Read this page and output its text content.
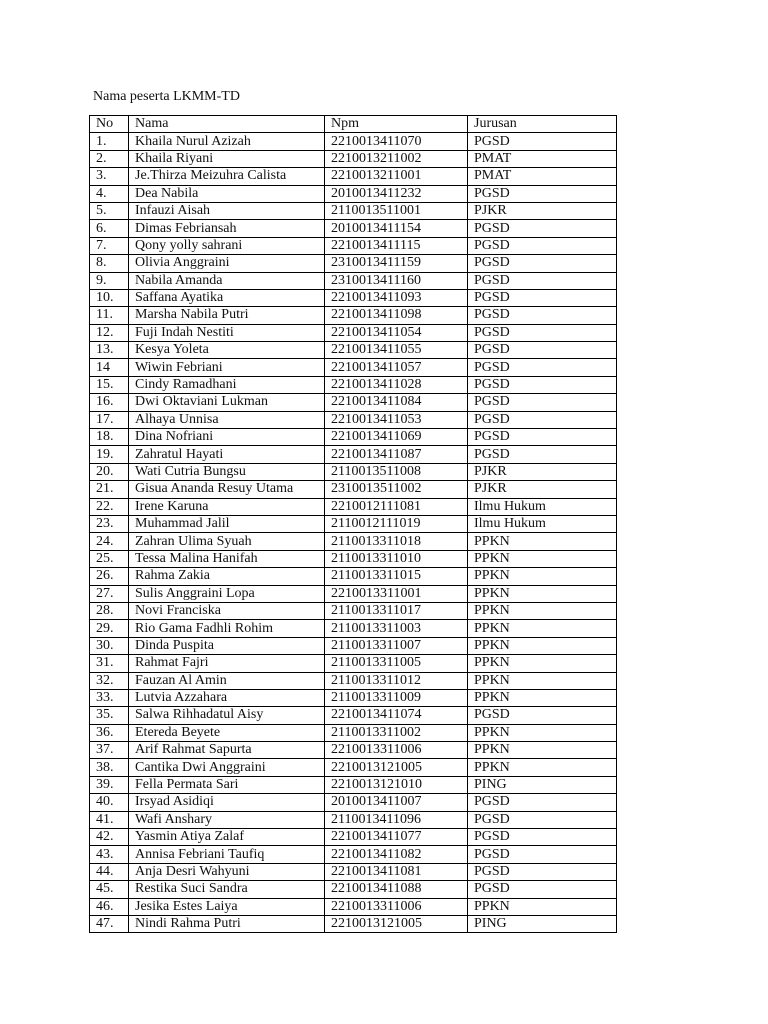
Nama peserta LKMM-TD
No	Nama	Npm	Jurusan
1.	Khaila Nurul Azizah	2210013411070	PGSD
2.	Khaila Riyani	2210013211002	PMAT
3.	Je.Thirza Meizuhra Calista	2210013211001	PMAT
4.	Dea Nabila	2010013411232	PGSD
5.	Infauzi Aisah	2110013511001	PJKR
6.	Dimas Febriansah	2010013411154	PGSD
7.	Qony yolly sahrani	2210013411115	PGSD
8.	Olivia Anggraini	2310013411159	PGSD
9.	Nabila Amanda	2310013411160	PGSD
10.	Saffana Ayatika	2210013411093	PGSD
11.	Marsha Nabila Putri	2210013411098	PGSD
12.	Fuji Indah Nestiti	2210013411054	PGSD
13.	Kesya Yoleta	2210013411055	PGSD
14	Wiwin Febriani	2210013411057	PGSD
15.	Cindy Ramadhani	2210013411028	PGSD
16.	Dwi Oktaviani Lukman	2210013411084	PGSD
17.	Alhaya Unnisa	2210013411053	PGSD
18.	Dina Nofriani	2210013411069	PGSD
19.	Zahratul Hayati	2210013411087	PGSD
20.	Wati Cutria Bungsu	2110013511008	PJKR
21.	Gisua Ananda Resuy Utama	2310013511002	PJKR
22.	Irene Karuna	2210012111081	Ilmu Hukum
23.	Muhammad Jalil	2110012111019	Ilmu Hukum
24.	Zahran Ulima Syuah	2110013311018	PPKN
25.	Tessa Malina Hanifah	2110013311010	PPKN
26.	Rahma Zakia	2110013311015	PPKN
27.	Sulis Anggraini Lopa	2210013311001	PPKN
28.	Novi Franciska	2110013311017	PPKN
29.	Rio Gama Fadhli Rohim	2110013311003	PPKN
30.	Dinda Puspita	2110013311007	PPKN
31.	Rahmat Fajri	2110013311005	PPKN
32.	Fauzan Al Amin	2110013311012	PPKN
33.	Lutvia Azzahara	2110013311009	PPKN
35.	Salwa Rihhadatul Aisy	2210013411074	PGSD
36.	Etereda Beyete	2110013311002	PPKN
37.	Arif Rahmat Sapurta	2210013311006	PPKN
38.	Cantika Dwi Anggraini	2210013121005	PPKN
39.	Fella Permata Sari	2210013121010	PING
40.	Irsyad Asidiqi	2010013411007	PGSD
41.	Wafi Anshary	2110013411096	PGSD
42.	Yasmin Atiya Zalaf	2210013411077	PGSD
43.	Annisa Febriani Taufiq	2210013411082	PGSD
44.	Anja Desri Wahyuni	2210013411081	PGSD
45.	Restika Suci Sandra	2210013411088	PGSD
46.	Jesika Estes Laiya	2210013311006	PPKN
47.	Nindi Rahma Putri	2210013121005	PING
